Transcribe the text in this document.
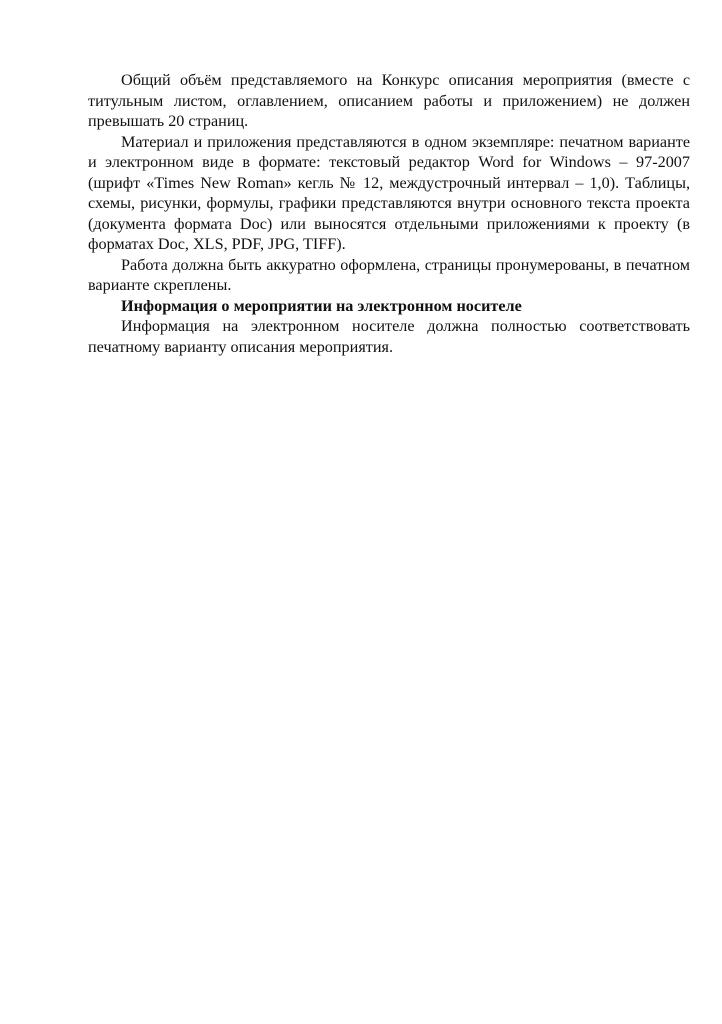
Общий объём представляемого на Конкурс описания мероприятия (вместе с титульным листом, оглавлением, описанием работы и приложением) не должен превышать 20 страниц.

Материал и приложения представляются в одном экземпляре: печатном варианте и электронном виде в формате: текстовый редактор Word for Windows – 97-2007 (шрифт «Times New Roman» кегль № 12, междустрочный интервал – 1,0). Таблицы, схемы, рисунки, формулы, графики представляются внутри основного текста проекта (документа формата Doc) или выносятся отдельными приложениями к проекту (в форматах Doc, XLS, PDF, JPG, TIFF).

Работа должна быть аккуратно оформлена, страницы пронумерованы, в печатном варианте скреплены.

Информация о мероприятии на электронном носителе

Информация на электронном носителе должна полностью соответствовать печатному варианту описания мероприятия.
